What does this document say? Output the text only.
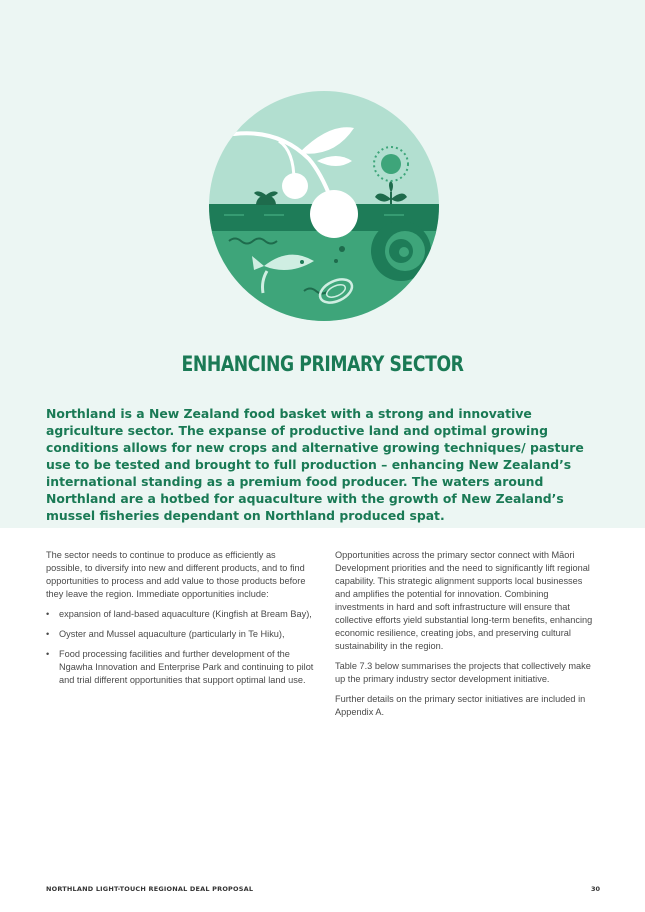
ENHANCING PRIMARY SECTOR
Northland is a New Zealand food basket with a strong and innovative agriculture sector. The expanse of productive land and optimal growing conditions allows for new crops and alternative growing techniques/ pasture use to be tested and brought to full production – enhancing New Zealand’s international standing as a premium food producer. The waters around Northland are a hotbed for aquaculture with the growth of New Zealand’s mussel fisheries dependant on Northland produced spat.

The sector needs to continue to produce as efficiently as possible, to diversify into new and different products, and to find opportunities to process and add value to those products before they leave the region. Immediate opportunities include:

• expansion of land-based aquaculture (Kingfish at Bream Bay),
• Oyster and Mussel aquaculture (particularly in Te Hiku),
• Food processing facilities and further development of the Ngawha Innovation and Enterprise Park and continuing to pilot and trial different opportunities that support optimal land use.

Opportunities across the primary sector connect with Māori Development priorities and the need to significantly lift regional capability. This strategic alignment supports local businesses and amplifies the potential for innovation. Combining investments in hard and soft infrastructure will ensure that collective efforts yield substantial long-term benefits, enhancing economic resilience, creating jobs, and preserving cultural sustainability in the region.

Table 7.3 below summarises the projects that collectively make up the primary industry sector development initiative.

Further details on the primary sector initiatives are included in Appendix A.

NORTHLAND LIGHT-TOUCH REGIONAL DEAL PROPOSAL	30
